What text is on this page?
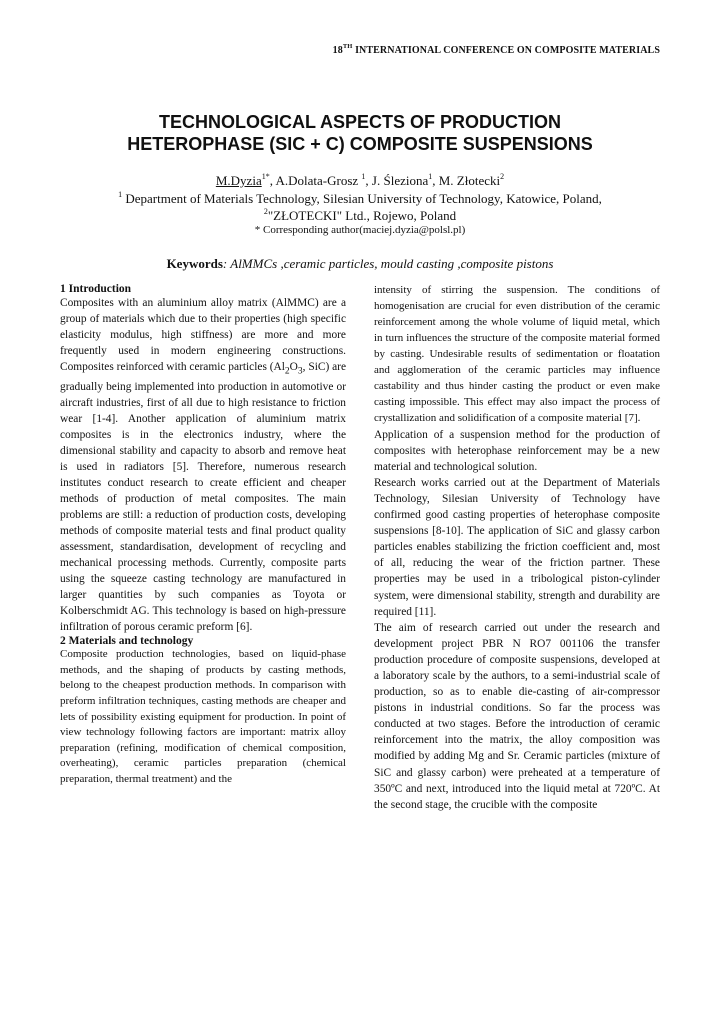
18TH INTERNATIONAL CONFERENCE ON COMPOSITE MATERIALS
TECHNOLOGICAL ASPECTS OF PRODUCTION
HETEROPHASE (SIC + C) COMPOSITE SUSPENSIONS
M.Dyzia$^{1*}$, A.Dolata-Grosz $^1$, J. Śleziona$^1$, M. Złotecki$^2$
$^1$ Department of Materials Technology, Silesian University of Technology, Katowice, Poland,
$^2$"ZŁOTECKI" Ltd., Rojewo, Poland
* Corresponding author(maciej.dyzia@polsl.pl)
Keywords: AlMMCs ,ceramic particles, mould casting ,composite pistons

1 Introduction

Composites with an aluminium alloy matrix (AlMMC) are a group of materials which due to their properties (high specific elasticity modulus, high stiffness) are more and more frequently used in modern engineering constructions. Composites reinforced with ceramic particles ($Al_2O_3$, SiC) are gradually being implemented into production in automotive or aircraft industries, first of all due to high resistance to friction wear [1-4]. Another application of aluminium matrix composites is in the electronics industry, where the dimensional stability and capacity to absorb and remove heat is used in radiators [5]. Therefore, numerous research institutes conduct research to create efficient and cheaper methods of production of metal composites. The main problems are still: a reduction of production costs, developing methods of composite material tests and final product quality assessment, standardisation, development of recycling and mechanical processing methods. Currently, composite parts using the squeeze casting technology are manufactured in larger quantities by such companies as Toyota or Kolberschmidt AG. This technology is based on high-pressure infiltration of porous ceramic preform [6].

2 Materials and technology

Composite production technologies, based on liquid-phase methods, and the shaping of products by casting methods, belong to the cheapest production methods. In comparison with preform infiltration techniques, casting methods are cheaper and lets of possibility existing equipment for production. In point of view technology following factors are important: matrix alloy preparation (refining, modification of chemical composition, overheating), ceramic particles preparation (chemical preparation, thermal treatment) and the

intensity of stirring the suspension. The conditions of homogenisation are crucial for even distribution of the ceramic reinforcement among the whole volume of liquid metal, which in turn influences the structure of the composite material formed by casting. Undesirable results of sedimentation or floatation and agglomeration of the ceramic particles may influence castability and thus hinder casting the product or even make casting impossible. This effect may also impact the process of crystallization and solidification of a composite material [7].

Application of a suspension method for the production of composites with heterophase reinforcement may be a new material and technological solution.

Research works carried out at the Department of Materials Technology, Silesian University of Technology have confirmed good casting properties of heterophase composite suspensions [8-10]. The application of SiC and glassy carbon particles enables stabilizing the friction coefficient and, most of all, reducing the wear of the friction partner. These properties may be used in a tribological piston-cylinder system, were dimensional stability, strength and durability are required [11].

The aim of research carried out under the research and development project PBR N RO7 001106 the transfer production procedure of composite suspensions, developed at a laboratory scale by the authors, to a semi-industrial scale of production, so as to enable die-casting of air-compressor pistons in industrial conditions. So far the process was conducted at two stages. Before the introduction of ceramic reinforcement into the matrix, the alloy composition was modified by adding Mg and Sr. Ceramic particles (mixture of SiC and glassy carbon) were preheated at a temperature of 350ºC and next, introduced into the liquid metal at 720ºC. At the second stage, the crucible with the composite
